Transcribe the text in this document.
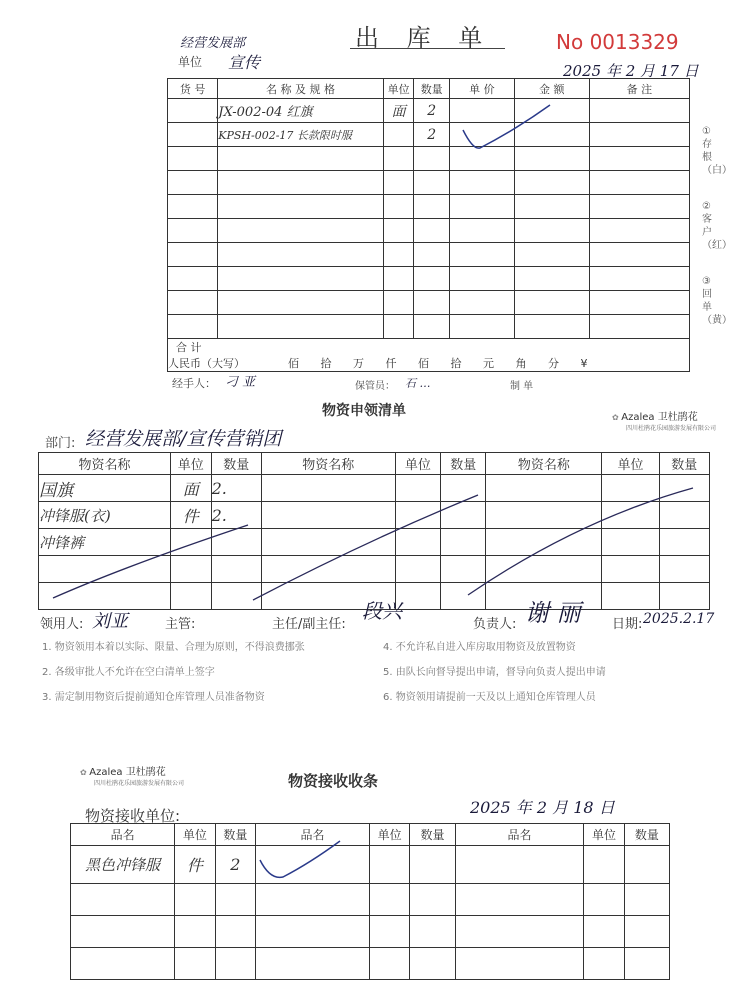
出 库 单	No 0013329
经营发展部
单位 宣传	2025 年 2 月 17 日
货 号	名 称 及 规 格	单位	数量	单 价	金 额	备 注
	JX-002-04 红旗	面	2			
	KPSH-002-17 长款限时服		2			

合 计
人民币（大写） 佰 拾 万 仟 佰 拾 元 角 分 ¥						
①存根（白）
②客户（红）
③回单（黄）
经手人： 刁 亚	保管员： 石 …	制 单
物资申领清单	✿ Azalea 卫杜鹃花
四川杜鹃花乐园旅游发展有限公司
部门: 经营发展部/宣传营销团
物资名称	单位	数量	物资名称	单位	数量	物资名称	单位	数量
国旗	面	2.						
冲锋服(衣)	件	2.						
冲锋裤								

领用人: 刘亚	主管:	主任/副主任:
段兴
负责人: 谢 丽 日期: 2025.2.17
1. 物资领用本着以实际、限量、合理为原则，不得浪费挪张
2. 各级审批人不允许在空白清单上签字
3. 需定制用物资后提前通知仓库管理人员准备物资
4. 不允许私自进入库房取用物资及放置物资
5. 由队长向督导提出申请，督导向负责人提出申请
6. 物资领用请提前一天及以上通知仓库管理人员
✿ Azalea 卫杜鹃花
四川杜鹃花乐园旅游发展有限公司	物资接收收条
物资接收单位:	2025 年 2 月 18 日
品名	单位	数量	品名	单位	数量	品名	单位	数量
黑色冲锋服	件	2						
